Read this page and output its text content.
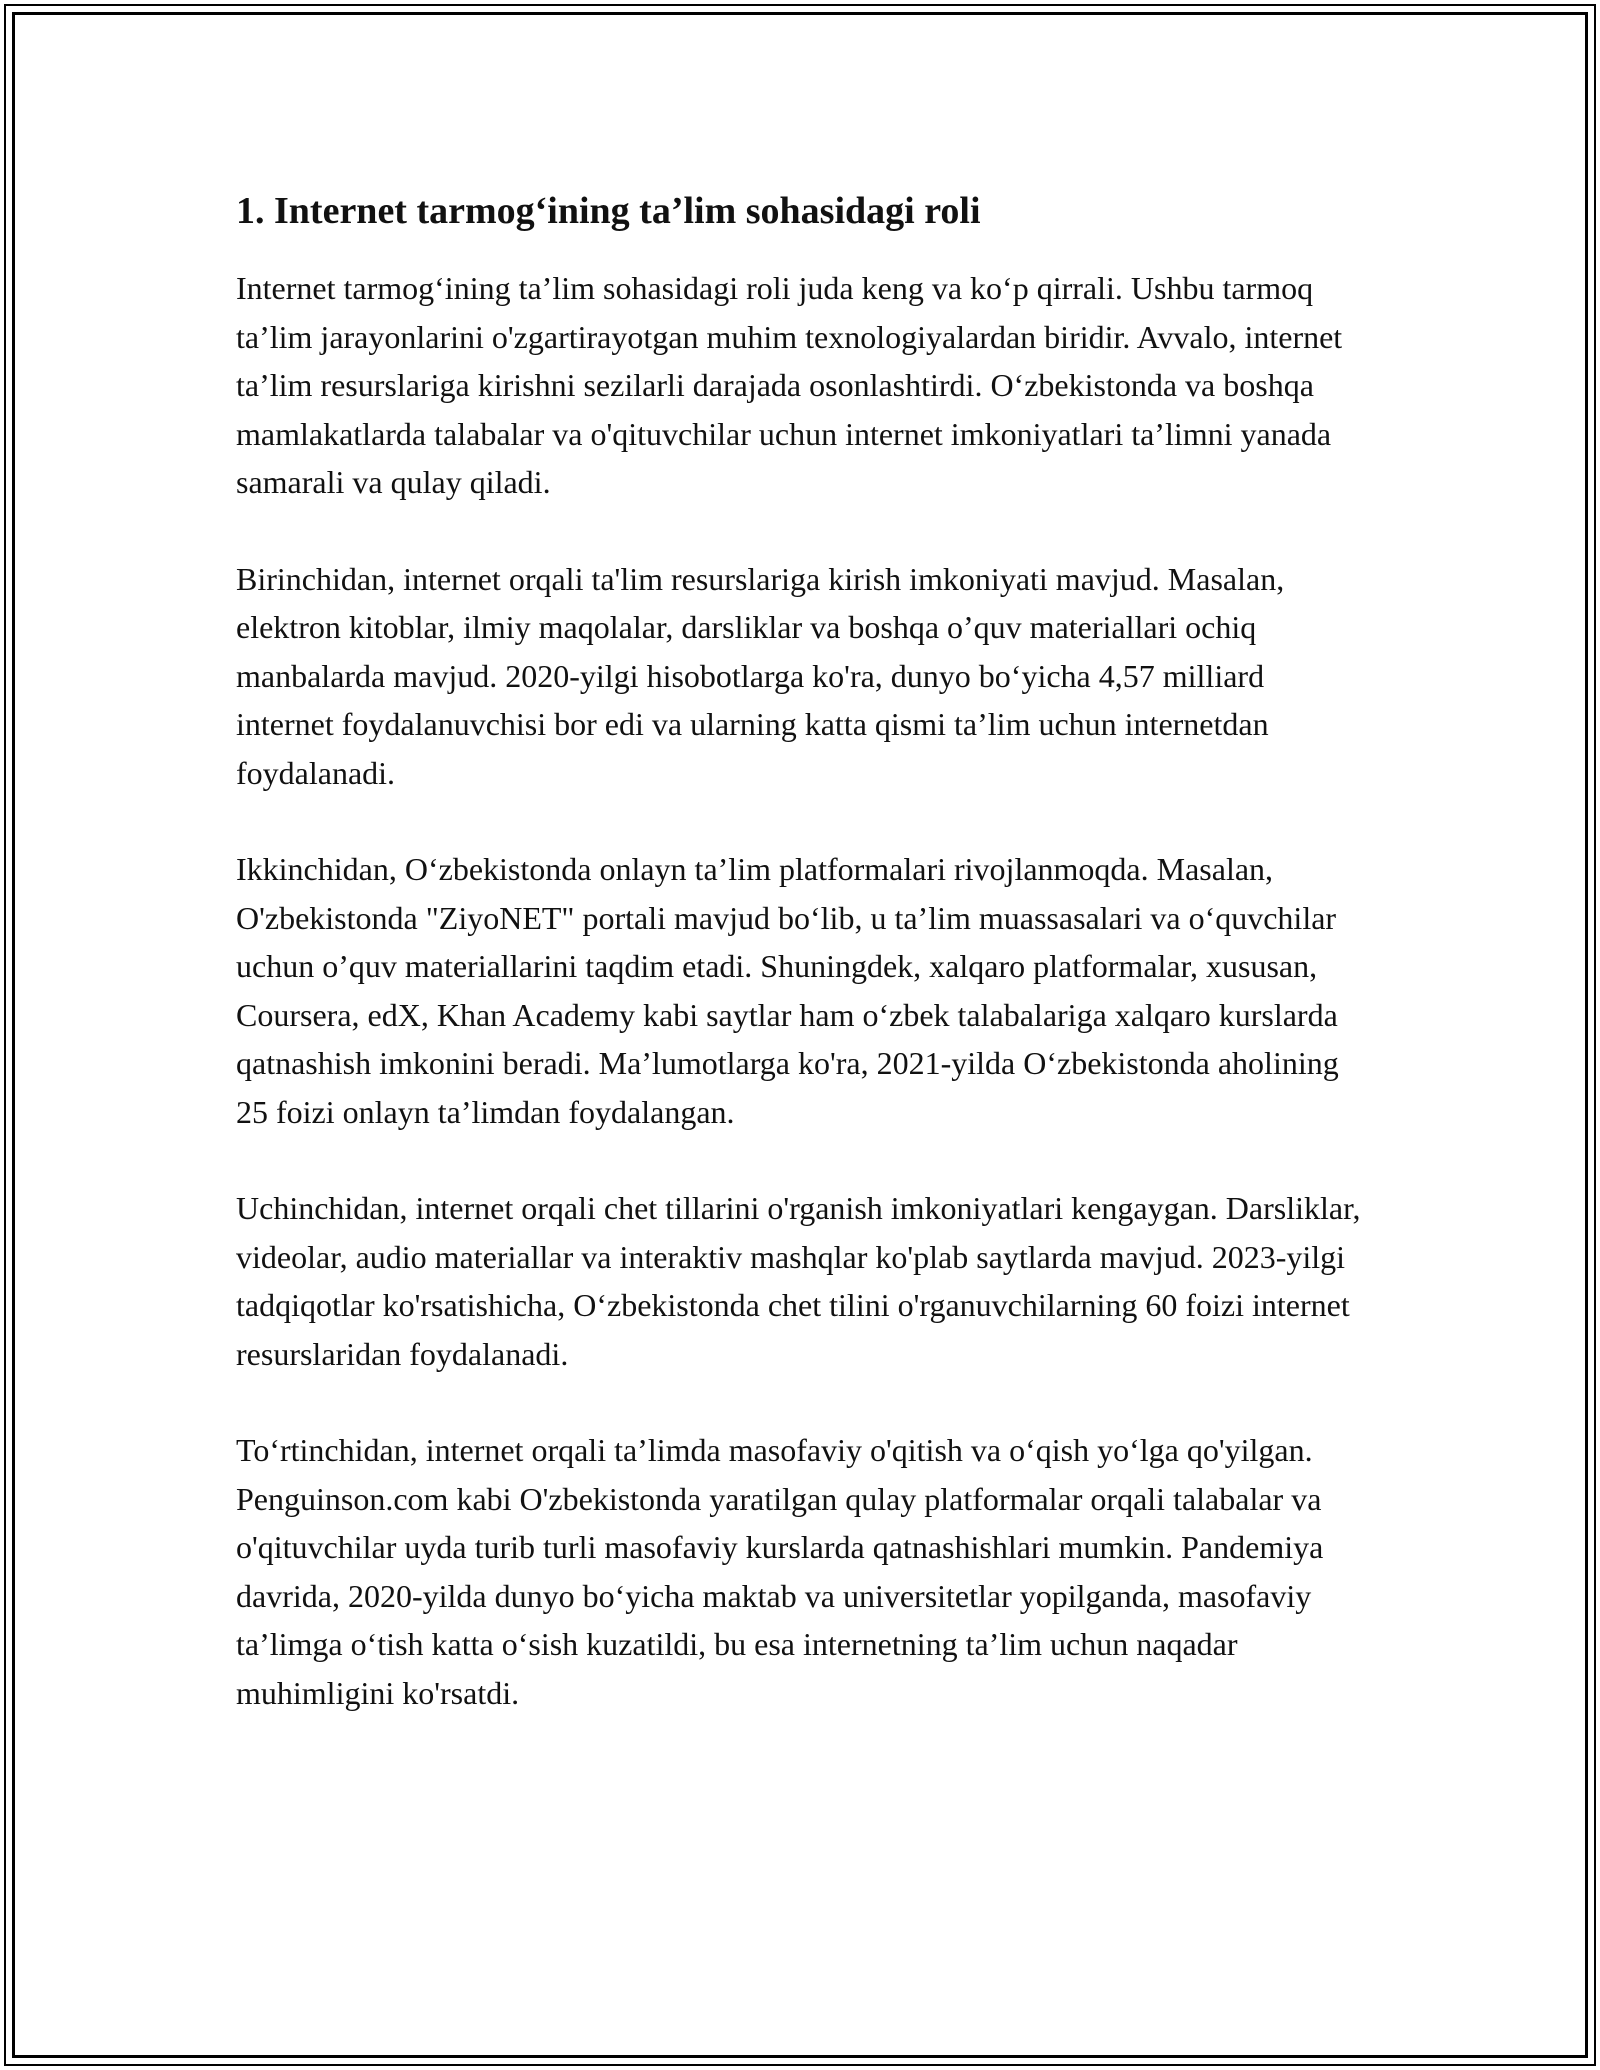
1. Internet tarmog‘ining ta’lim sohasidagi roli

Internet tarmog‘ining ta’lim sohasidagi roli juda keng va ko‘p qirrali. Ushbu tarmoq ta’lim jarayonlarini o'zgartirayotgan muhim texnologiyalardan biridir. Avvalo, internet ta’lim resurslariga kirishni sezilarli darajada osonlashtirdi. O‘zbekistonda va boshqa mamlakatlarda talabalar va o'qituvchilar uchun internet imkoniyatlari ta’limni yanada samarali va qulay qiladi.

Birinchidan, internet orqali ta'lim resurslariga kirish imkoniyati mavjud. Masalan, elektron kitoblar, ilmiy maqolalar, darsliklar va boshqa o’quv materiallari ochiq manbalarda mavjud. 2020-yilgi hisobotlarga ko'ra, dunyo bo‘yicha 4,57 milliard internet foydalanuvchisi bor edi va ularning katta qismi ta’lim uchun internetdan foydalanadi.

Ikkinchidan, O‘zbekistonda onlayn ta’lim platformalari rivojlanmoqda. Masalan, O'zbekistonda "ZiyoNET" portali mavjud bo‘lib, u ta’lim muassasalari va o‘quvchilar uchun o’quv materiallarini taqdim etadi. Shuningdek, xalqaro platformalar, xususan, Coursera, edX, Khan Academy kabi saytlar ham o‘zbek talabalariga xalqaro kurslarda qatnashish imkonini beradi. Ma’lumotlarga ko'ra, 2021-yilda O‘zbekistonda aholining 25 foizi onlayn ta’limdan foydalangan.

Uchinchidan, internet orqali chet tillarini o'rganish imkoniyatlari kengaygan. Darsliklar, videolar, audio materiallar va interaktiv mashqlar ko'plab saytlarda mavjud. 2023-yilgi tadqiqotlar ko'rsatishicha, O‘zbekistonda chet tilini o'rganuvchilarning 60 foizi internet resurslaridan foydalanadi.

To‘rtinchidan, internet orqali ta’limda masofaviy o'qitish va o‘qish yo‘lga qo'yilgan. Penguinson.com kabi O'zbekistonda yaratilgan qulay platformalar orqali talabalar va o'qituvchilar uyda turib turli masofaviy kurslarda qatnashishlari mumkin. Pandemiya davrida, 2020-yilda dunyo bo‘yicha maktab va universitetlar yopilganda, masofaviy ta’limga o‘tish katta o‘sish kuzatildi, bu esa internetning ta’lim uchun naqadar muhimligini ko'rsatdi.
